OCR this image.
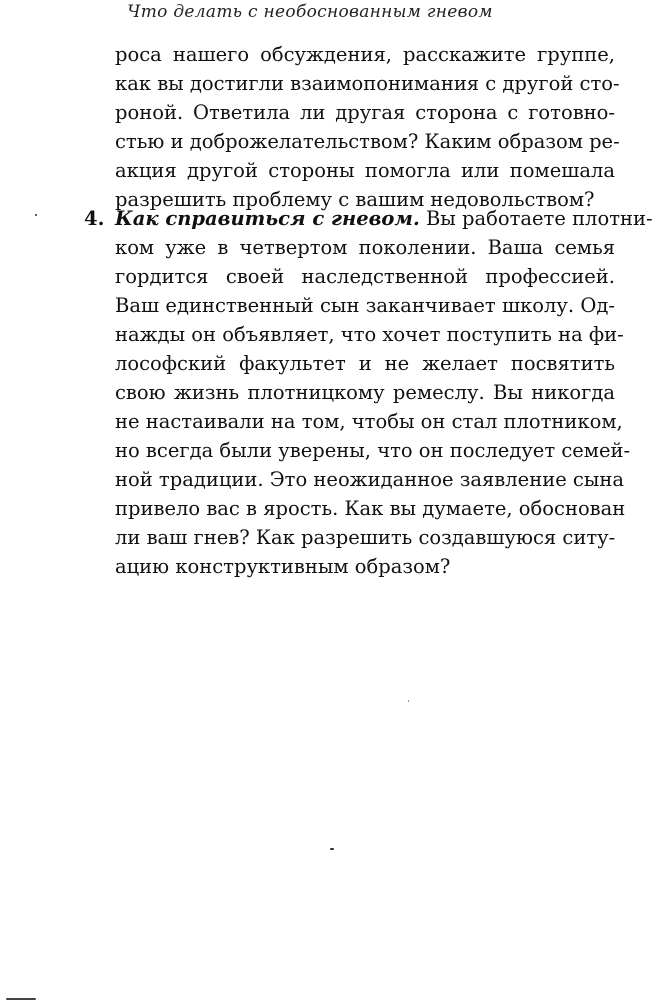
Что делать с необоснованным гневом
роса нашего обсуждения, расскажите группе,
как вы достигли взаимопонимания с другой сто-
роной. Ответила ли другая сторона с готовно-
стью и доброжелательством? Каким образом ре-
акция другой стороны помогла или помешала
разрешить проблему с вашим недовольством?
4. Как справиться с гневом. Вы работаете плотни-
ком уже в четвертом поколении. Ваша семья
гордится своей наследственной профессией.
Ваш единственный сын заканчивает школу. Од-
нажды он объявляет, что хочет поступить на фи-
лософский факультет и не желает посвятить
свою жизнь плотницкому ремеслу. Вы никогда
не настаивали на том, чтобы он стал плотником,
но всегда были уверены, что он последует семей-
ной традиции. Это неожиданное заявление сына
привело вас в ярость. Как вы думаете, обоснован
ли ваш гнев? Как разрешить создавшуюся ситу-
ацию конструктивным образом?
